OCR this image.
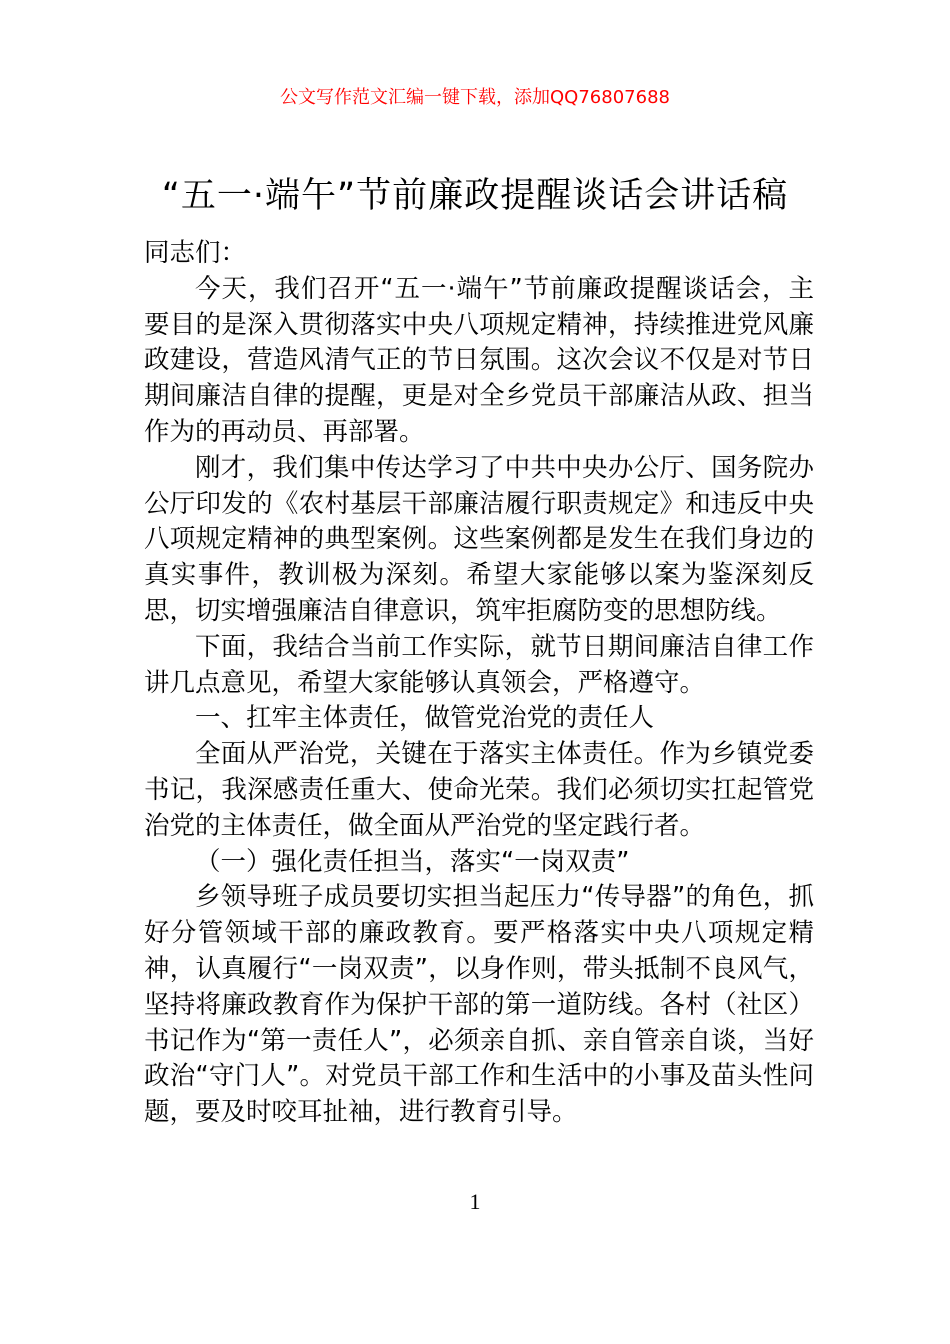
公文写作范文汇编一键下载，添加QQ76807688
“五一·端午”节前廉政提醒谈话会讲话稿

同志们：

今天，我们召开“五一·端午”节前廉政提醒谈话会，主要目的是深入贯彻落实中央八项规定精神，持续推进党风廉政建设，营造风清气正的节日氛围。这次会议不仅是对节日期间廉洁自律的提醒，更是对全乡党员干部廉洁从政、担当作为的再动员、再部署。

刚才，我们集中传达学习了中共中央办公厅、国务院办公厅印发的《农村基层干部廉洁履行职责规定》和违反中央八项规定精神的典型案例。这些案例都是发生在我们身边的真实事件，教训极为深刻。希望大家能够以案为鉴深刻反思，切实增强廉洁自律意识，筑牢拒腐防变的思想防线。

下面，我结合当前工作实际，就节日期间廉洁自律工作讲几点意见，希望大家能够认真领会，严格遵守。

一、扛牢主体责任，做管党治党的责任人

全面从严治党，关键在于落实主体责任。作为乡镇党委书记，我深感责任重大、使命光荣。我们必须切实扛起管党治党的主体责任，做全面从严治党的坚定践行者。

（一）强化责任担当，落实“一岗双责”

乡领导班子成员要切实担当起压力“传导器”的角色，抓好分管领域干部的廉政教育。要严格落实中央八项规定精神，认真履行“一岗双责”，以身作则，带头抵制不良风气，坚持将廉政教育作为保护干部的第一道防线。各村（社区）书记作为“第一责任人”，必须亲自抓、亲自管亲自谈，当好政治“守门人”。对党员干部工作和生活中的小事及苗头性问题，要及时咬耳扯袖，进行教育引导。

1
